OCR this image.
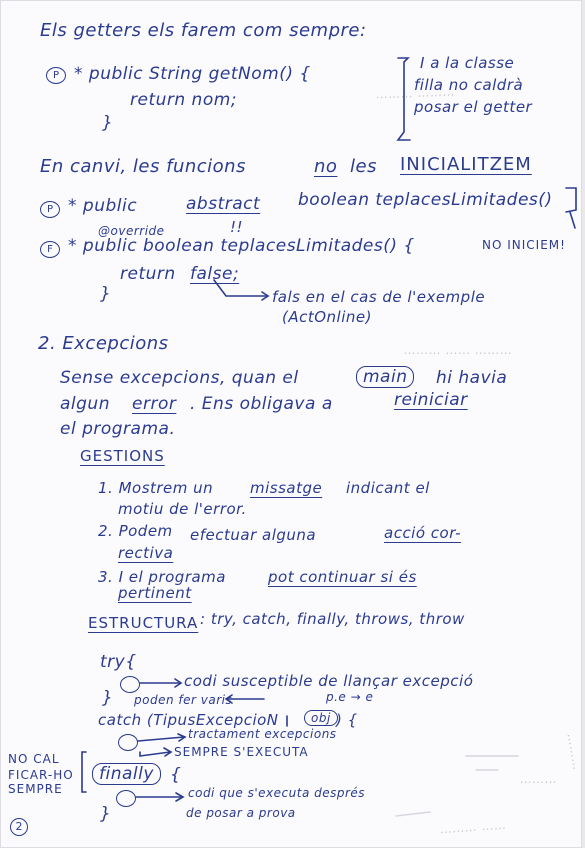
……… ………
……… …… ………
………
………
……… ……
Els getters els farem com sempre:
P * public String getNom() {
return nom;
}
I a la classe
filla no caldrà
posar el getter
En canvi, les funcions	no les INICIALITZEM
P * public	abstract boolean teplacesLimitades()
@override	!!
F * public boolean teplacesLimitades() {	NO INICIEM!
return false;
}	fals en el cas de l'exemple
(ActOnline)
2. Excepcions
Sense excepcions, quan el	main	hi havia
algun error . Ens obligava a	reiniciar
el programa.
GESTIONS
1. Mostrem un missatge indicant el
motiu de l'error.
2. Podem efectuar alguna	acció cor-
rectiva
3. I el programa	pot continuar si és
pertinent
ESTRUCTURA : try, catch, finally, throws, throw
try{
codi susceptible de llançar excepció
poden fer varis	p.e → e
}
catch (TipusExcepcioN	obj ) {
tractament excepcions
SEMPRE S'EXECUTA
NO CAL
FICAR-HO
SEMPRE
finally {
codi que s'executa després
de posar a prova
}
2
